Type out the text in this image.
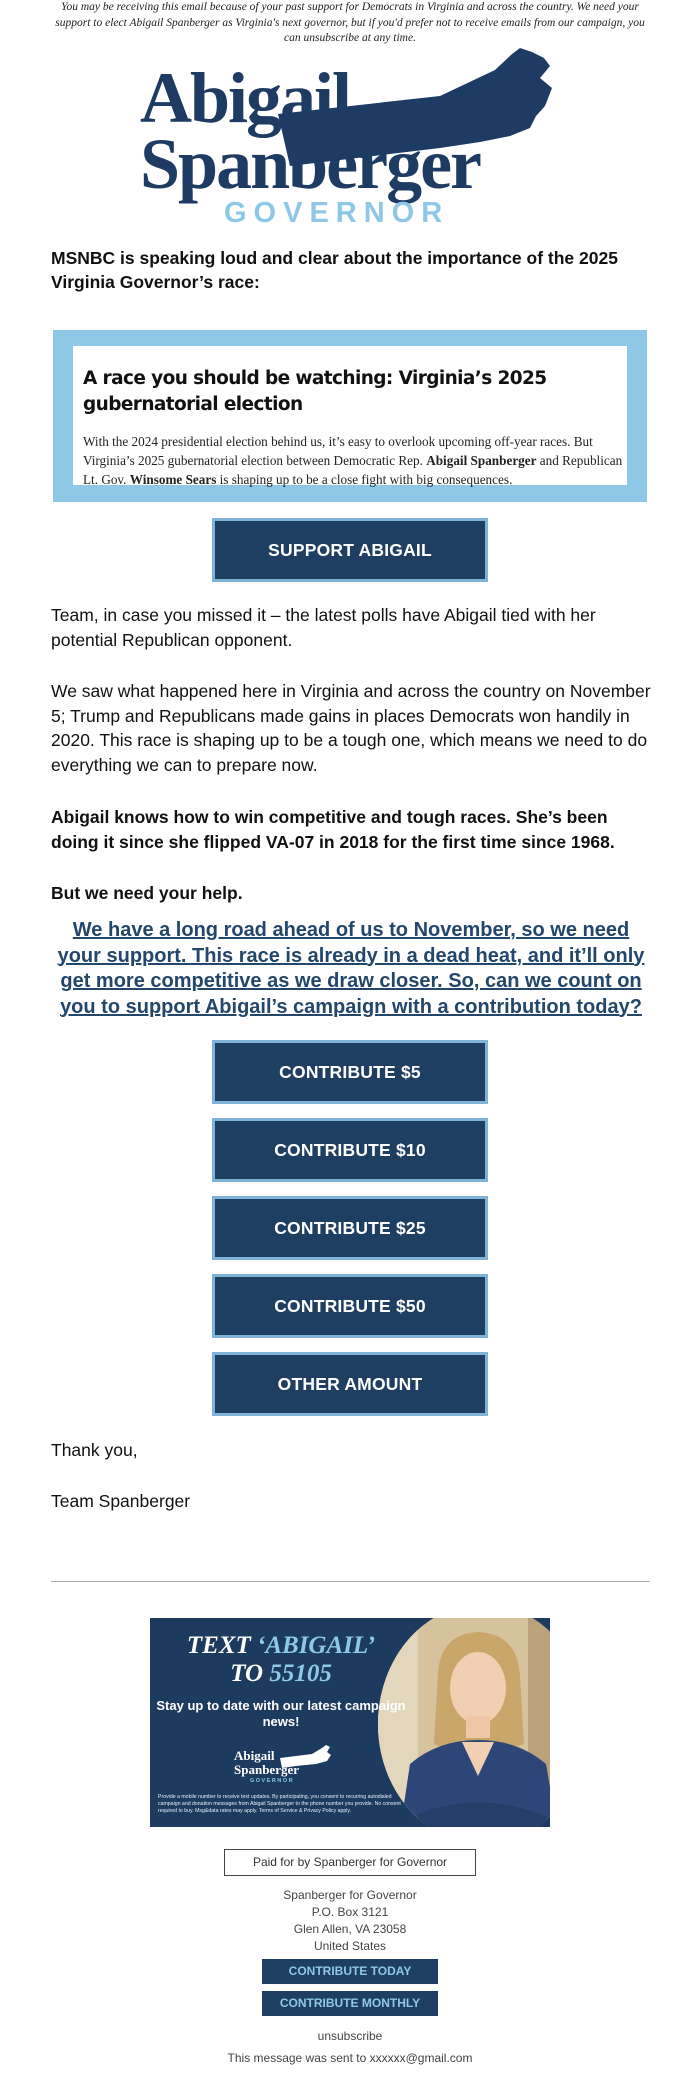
You may be receiving this email because of your past support for Democrats in Virginia and across the country. We need your support to elect Abigail Spanberger as Virginia's next governor, but if you'd prefer not to receive emails from our campaign, you can unsubscribe at any time.
Abigail
Spanberger
GOVERNOR
MSNBC is speaking loud and clear about the importance of the 2025 Virginia Governor’s race:
A race you should be watching: Virginia’s 2025 gubernatorial election
With the 2024 presidential election behind us, it’s easy to overlook upcoming off-year races. But Virginia’s 2025 gubernatorial election between Democratic Rep. Abigail Spanberger and Republican Lt. Gov. Winsome Sears is shaping up to be a close fight with big consequences.
SUPPORT ABIGAIL
Team, in case you missed it – the latest polls have Abigail tied with her potential Republican opponent.
We saw what happened here in Virginia and across the country on November 5; Trump and Republicans made gains in places Democrats won handily in 2020. This race is shaping up to be a tough one, which means we need to do everything we can to prepare now.
Abigail knows how to win competitive and tough races. She’s been doing it since she flipped VA-07 in 2018 for the first time since 1968.
But we need your help.
We have a long road ahead of us to November, so we need your support. This race is already in a dead heat, and it’ll only get more competitive as we draw closer. So, can we count on you to support Abigail’s campaign with a contribution today?
CONTRIBUTE $5
CONTRIBUTE $10
CONTRIBUTE $25
CONTRIBUTE $50
OTHER AMOUNT
Thank you,
Team Spanberger
TEXT ‘ABIGAIL’
TO 55105
Stay up to date with our latest campaign news!
Abigail
Spanberger
GOVERNOR
Provide a mobile number to receive text updates. By participating, you consent to recurring autodialed campaign and donation messages from Abigail Spanberger to the phone number you provide. No consent required to buy. Msg&data rates may apply. Terms of Service & Privacy Policy apply.
Paid for by Spanberger for Governor
Spanberger for Governor
P.O. Box 3121
Glen Allen, VA 23058
United States
CONTRIBUTE TODAY
CONTRIBUTE MONTHLY
unsubscribe
This message was sent to xxxxxx@gmail.com
